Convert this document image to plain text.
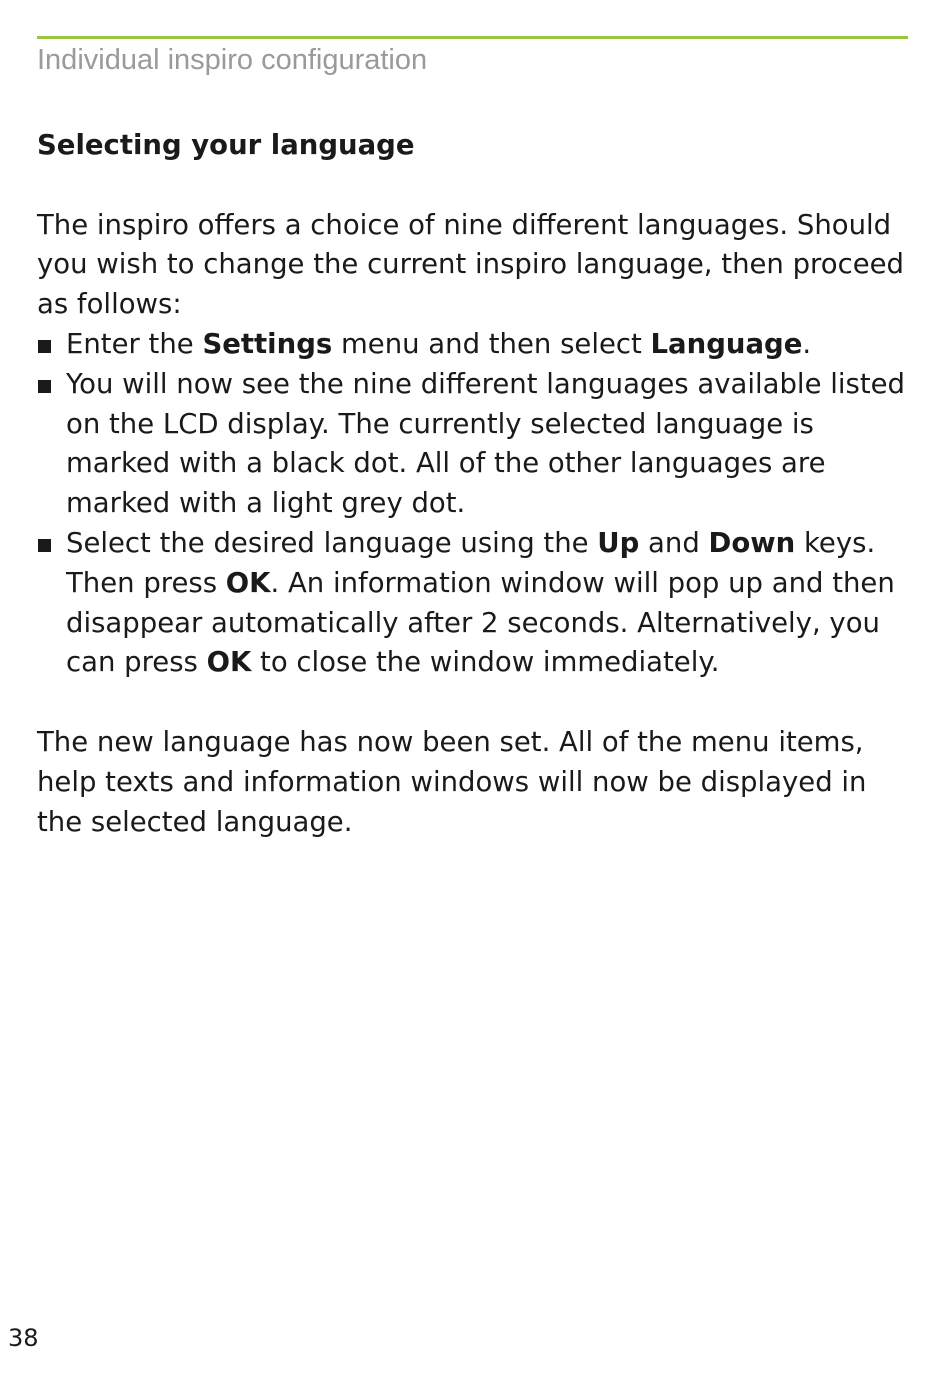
Individual inspiro configuration
Selecting your language

The inspiro offers a choice of nine different languages. Should you wish to change the current inspiro language, then proceed as follows:

Enter the Settings menu and then select Language.
You will now see the nine different languages available listed on the LCD display. The currently selected language is marked with a black dot. All of the other languages are marked with a light grey dot.
Select the desired language using the Up and Down keys. Then press OK. An information window will pop up and then disappear automatically after 2 seconds. Alternatively, you can press OK to close the window immediately.

The new language has now been set. All of the menu items, help texts and information windows will now be displayed in the selected language.

38
